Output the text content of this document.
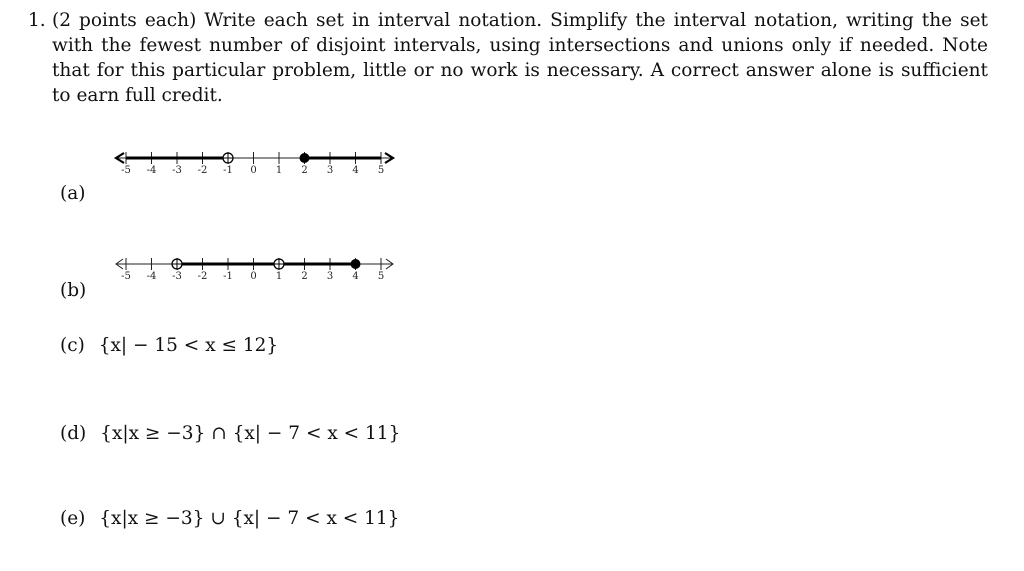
1. (2 points each) Write each set in interval notation. Simplify the interval notation, writing the set with the fewest number of disjoint intervals, using intersections and unions only if needed. Note that for this particular problem, little or no work is necessary. A correct answer alone is sufficient to earn full credit.
(a)
-5 -4 -3 -2 -1 0 1 2 3 4 5
(b)
-5 -4 -3 -2 -1 0 1 2 3 4 5
(c) {x| − 15 < x ≤ 12}
(d) {x|x ≥ −3} ∩ {x| − 7 < x < 11}
(e) {x|x ≥ −3} ∪ {x| − 7 < x < 11}
